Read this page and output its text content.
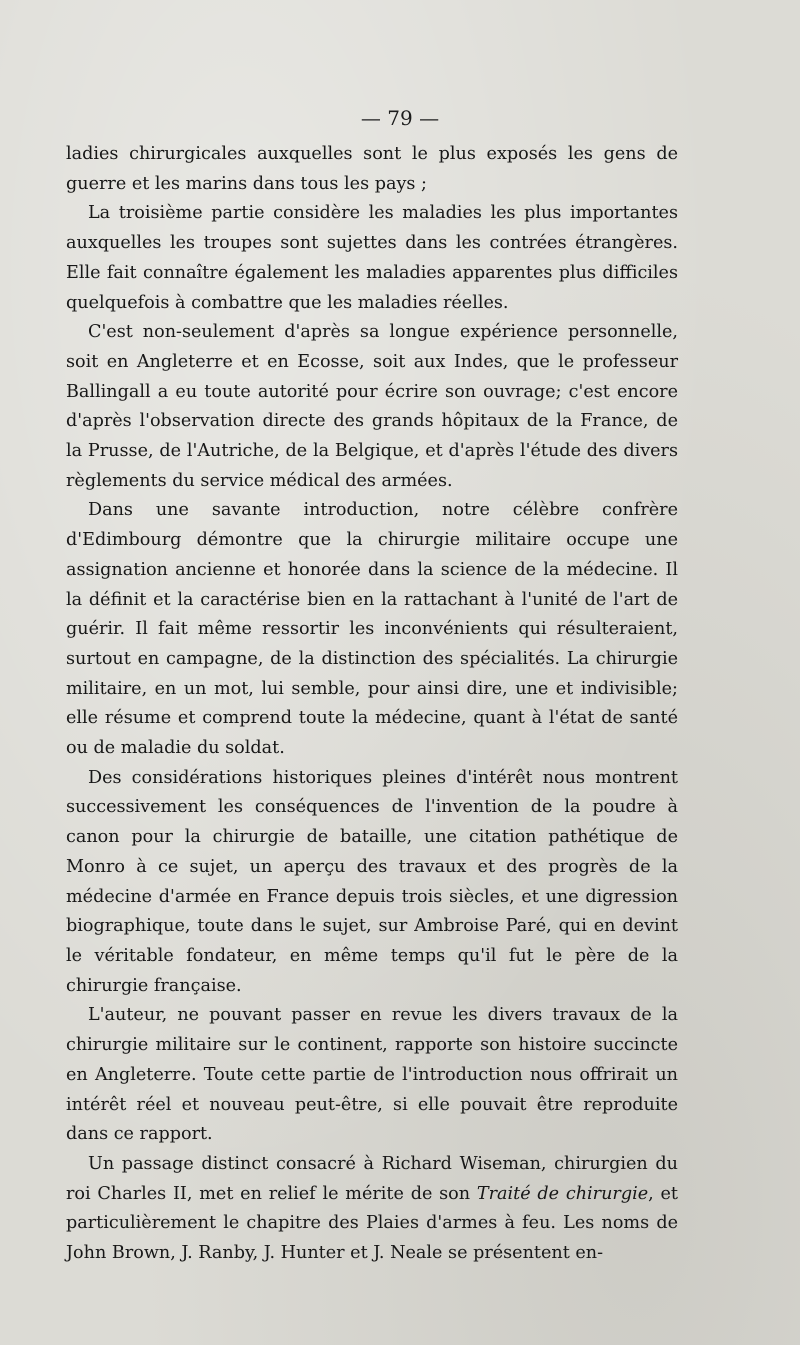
— 79 —

ladies chirurgicales auxquelles sont le plus exposés les gens de guerre et les marins dans tous les pays ;

La troisième partie considère les maladies les plus importantes auxquelles les troupes sont sujettes dans les contrées étrangères. Elle fait connaître également les maladies apparentes plus difficiles quelquefois à combattre que les maladies réelles.

C'est non-seulement d'après sa longue expérience personnelle, soit en Angleterre et en Ecosse, soit aux Indes, que le professeur Ballingall a eu toute autorité pour écrire son ouvrage; c'est encore d'après l'observation directe des grands hôpitaux de la France, de la Prusse, de l'Autriche, de la Belgique, et d'après l'étude des divers règlements du service médical des armées.

Dans une savante introduction, notre célèbre confrère d'Edimbourg démontre que la chirurgie militaire occupe une assignation ancienne et honorée dans la science de la médecine. Il la définit et la caractérise bien en la rattachant à l'unité de l'art de guérir. Il fait même ressortir les inconvénients qui résulteraient, surtout en campagne, de la distinction des spécialités. La chirurgie militaire, en un mot, lui semble, pour ainsi dire, une et indivisible; elle résume et comprend toute la médecine, quant à l'état de santé ou de maladie du soldat.

Des considérations historiques pleines d'intérêt nous montrent successivement les conséquences de l'invention de la poudre à canon pour la chirurgie de bataille, une citation pathétique de Monro à ce sujet, un aperçu des travaux et des progrès de la médecine d'armée en France depuis trois siècles, et une digression biographique, toute dans le sujet, sur Ambroise Paré, qui en devint le véritable fondateur, en même temps qu'il fut le père de la chirurgie française.

L'auteur, ne pouvant passer en revue les divers travaux de la chirurgie militaire sur le continent, rapporte son histoire succincte en Angleterre. Toute cette partie de l'introduction nous offrirait un intérêt réel et nouveau peut-être, si elle pouvait être reproduite dans ce rapport.

Un passage distinct consacré à Richard Wiseman, chirurgien du roi Charles II, met en relief le mérite de son Traité de chirurgie, et particulièrement le chapitre des Plaies d'armes à feu. Les noms de John Brown, J. Ranby, J. Hunter et J. Neale se présentent en-
